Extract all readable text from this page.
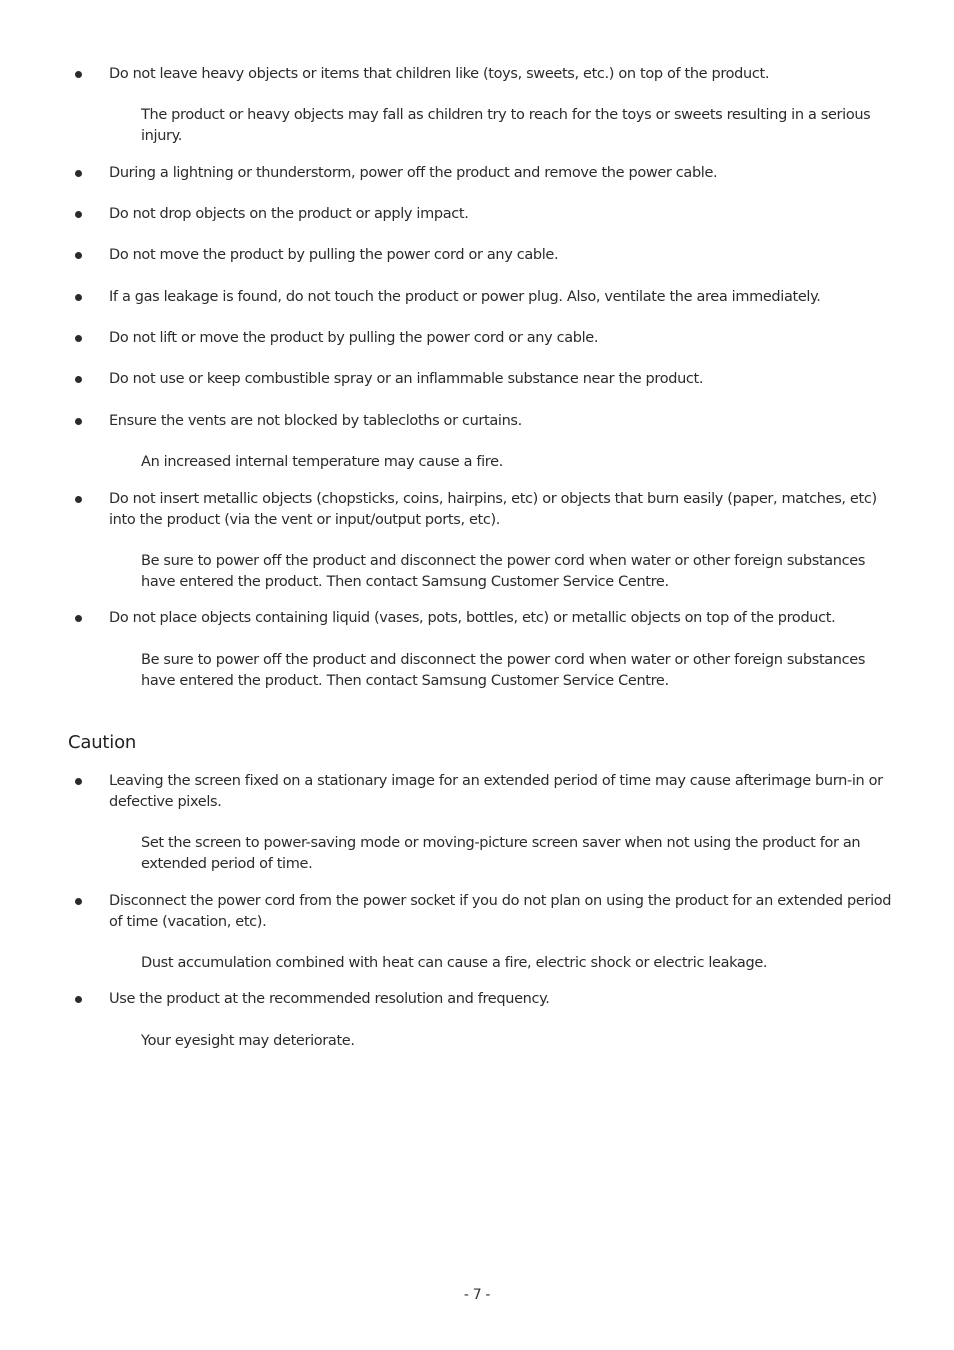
Do not leave heavy objects or items that children like (toys, sweets, etc.) on top of the product.

The product or heavy objects may fall as children try to reach for the toys or sweets resulting in a serious injury.

During a lightning or thunderstorm, power off the product and remove the power cable.

Do not drop objects on the product or apply impact.

Do not move the product by pulling the power cord or any cable.

If a gas leakage is found, do not touch the product or power plug. Also, ventilate the area immediately.

Do not lift or move the product by pulling the power cord or any cable.

Do not use or keep combustible spray or an inflammable substance near the product.

Ensure the vents are not blocked by tablecloths or curtains.

An increased internal temperature may cause a fire.

Do not insert metallic objects (chopsticks, coins, hairpins, etc) or objects that burn easily (paper, matches, etc) into the product (via the vent or input/output ports, etc).

Be sure to power off the product and disconnect the power cord when water or other foreign substances have entered the product. Then contact Samsung Customer Service Centre.

Do not place objects containing liquid (vases, pots, bottles, etc) or metallic objects on top of the product.

Be sure to power off the product and disconnect the power cord when water or other foreign substances have entered the product. Then contact Samsung Customer Service Centre.

Caution

Leaving the screen fixed on a stationary image for an extended period of time may cause afterimage burn-in or defective pixels.

Set the screen to power-saving mode or moving-picture screen saver when not using the product for an extended period of time.

Disconnect the power cord from the power socket if you do not plan on using the product for an extended period of time (vacation, etc).

Dust accumulation combined with heat can cause a fire, electric shock or electric leakage.

Use the product at the recommended resolution and frequency.

Your eyesight may deteriorate.

- 7 -
